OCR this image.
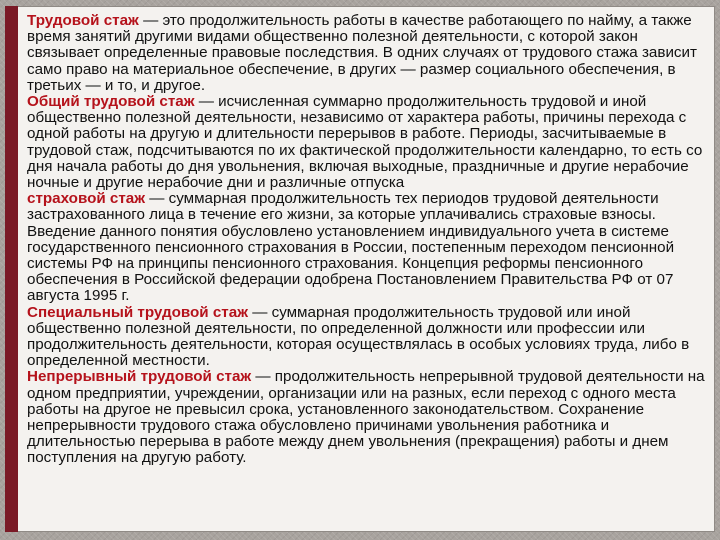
Трудовой стаж — это продолжительность работы в качестве работающего по найму, а также время занятий другими видами общественно полезной деятельности, с которой закон связывает определенные правовые последствия. В одних случаях от трудового стажа зависит само право на материальное обеспечение, в других — размер социального обеспечения, в третьих — и то, и другое.

Общий трудовой стаж — исчисленная суммарно продолжительность трудовой и иной общественно полезной деятельности, независимо от характера работы, причины перехода с одной работы на другую и длительности перерывов в работе. Периоды, засчитываемые в трудовой стаж, подсчитываются по их фактической продолжительности календарно, то есть со дня начала работы до дня увольнения, включая выходные, праздничные и другие нерабочие ночные и другие нерабочие дни и различные отпуска

страховой стаж — суммарная продолжительность тех периодов трудовой деятельности застрахованного лица в течение его жизни, за которые уплачивались страховые взносы. Введение данного понятия обусловлено установлением индивидуального учета в системе государственного пенсионного страхования в России, постепенным переходом пенсионной системы РФ на принципы пенсионного страхования. Концепция реформы пенсионного обеспечения в Российской федерации одобрена Постановлением Правительства РФ от 07 августа 1995 г.

Специальный трудовой стаж — суммарная продолжительность трудовой или иной общественно полезной деятельности, по определенной должности или профессии или продолжительность деятельности, которая осуществлялась в особых условиях труда, либо в определенной местности.

Непрерывный трудовой стаж — продолжительность непрерывной трудовой деятельности на одном предприятии, учреждении, организации или на разных, если переход с одного места работы на другое не превысил срока, установленного законодательством. Сохранение непрерывности трудового стажа обусловлено причинами увольнения работника и длительностью перерыва в работе между днем увольнения (прекращения) работы и днем поступления на другую работу.
